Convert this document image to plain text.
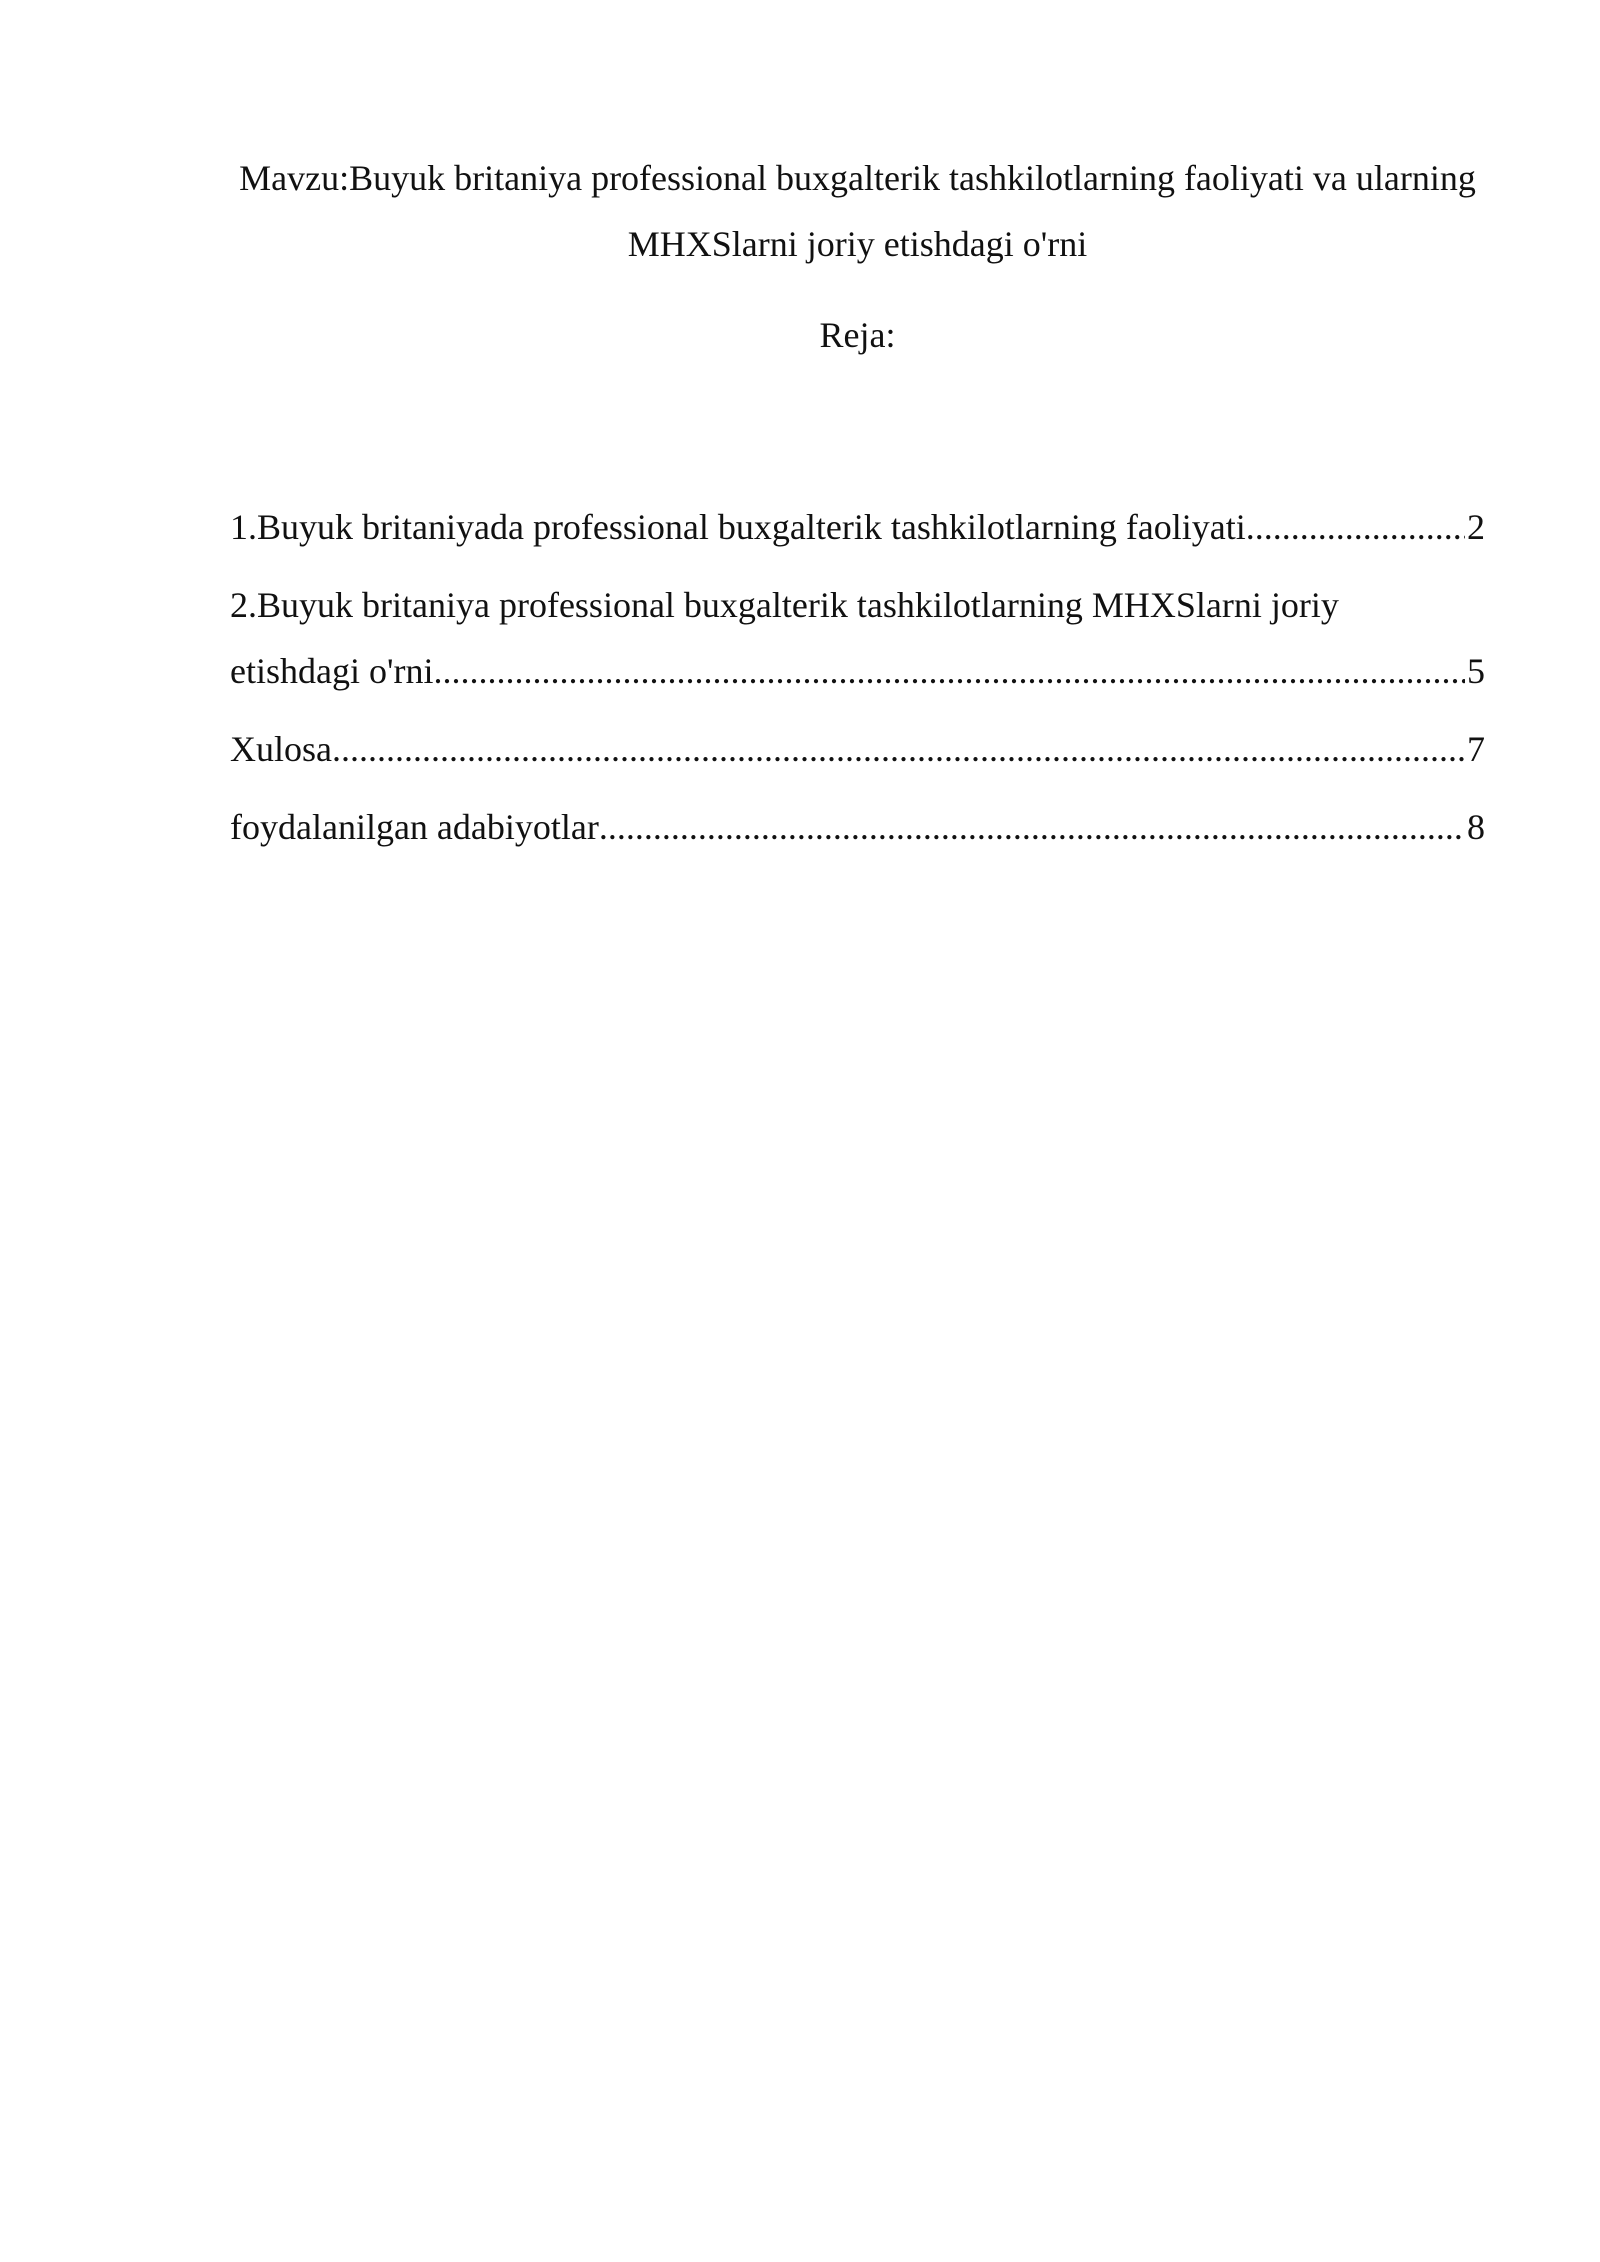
Mavzu:Buyuk britaniya professional buxgalterik tashkilotlarning faoliyati va ularning MHXSlarni joriy etishdagi o'rni
Reja:
1.Buyuk britaniyada professional buxgalterik tashkilotlarning faoliyati .....	2
2.Buyuk britaniya professional buxgalterik tashkilotlarning MHXSlarni joriy
etishdagi o'rni .....	5
Xulosa .....	7
foydalanilgan adabiyotlar .....	8
